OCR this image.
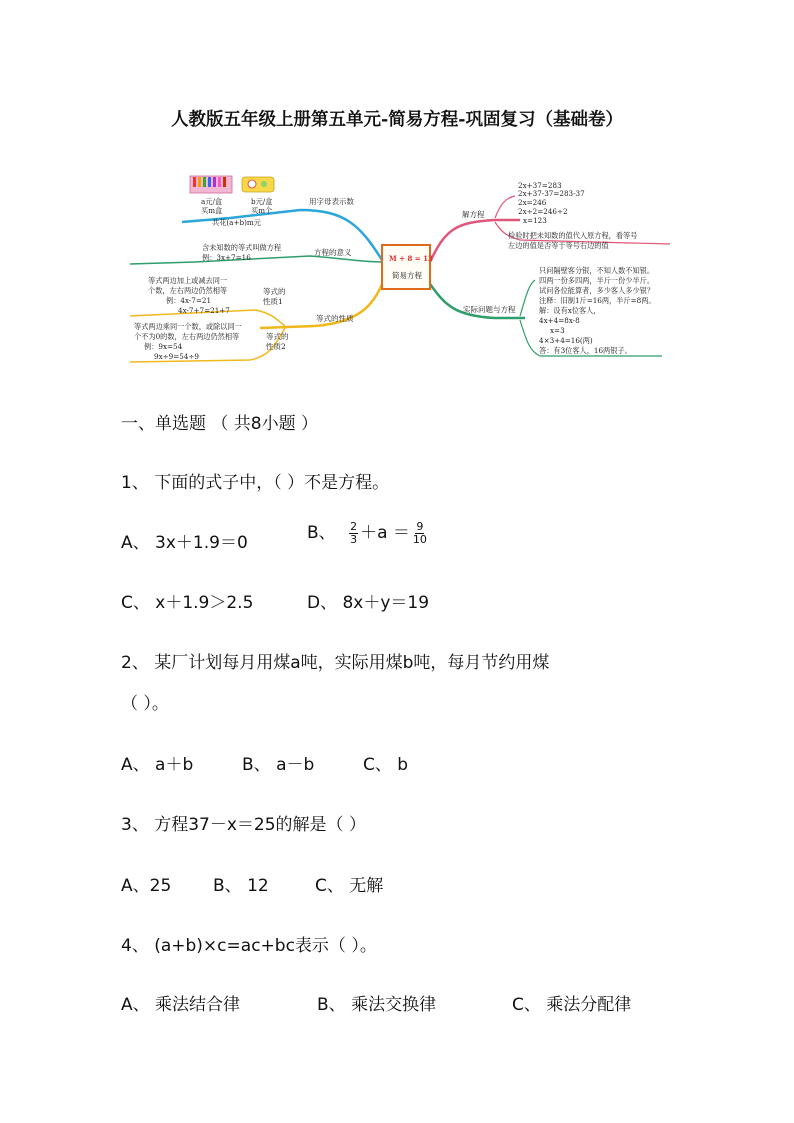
人教版五年级上册第五单元-简易方程-巩固复习（基础卷）
M + 8 = 13
简易方程
a元/盒
买m盒
b元/盒
买m个
共花(a+b)m元
用字母表示数
含未知数的等式叫做方程
例：3x+7=16
方程的意义
等式两边加上或减去同一
个数，左右两边仍然相等
例：4x-7=21
4x-7+7=21+7
等式的
性质1
等式的性质
等式两边乘同一个数，或除以同一
个不为0的数，左右两边仍然相等
例：9x=54
9x÷9=54÷9
等式的
性质2
解方程
2x+37=283
2x+37-37=283-37
2x=246
2x÷2=246÷2
x=123
检验时把未知数的值代入原方程，看等号
左边的值是否等于等号右边的值
实际问题与方程
只问隔壁客分银，不知人数不知银。
四两一份多四两，半斤一份少半斤。
试问各位能算者，多少客人多少银？
注释：旧制1斤=16两，半斤=8两。
解：设有x位客人，
4x+4=8x-8
x=3
4×3+4=16(两)
答：有3位客人，16两银子。
一、单选题 （ 共8小题 ）
1、 下面的式子中，（ ）不是方程。
A、 3x＋1.9＝0	B、 $\frac{2}{3} +a = \frac{9}{10}$
C、 x＋1.9＞2.5	D、 8x＋y＝19
2、 某厂计划每月用煤a吨，实际用煤b吨，每月节约用煤
（ ）。
A、 a＋b	B、 a－b	C、 b
3、 方程37－x＝25的解是（ ）
A、25 B、 12	C、 无解
4、 (a+b)×c=ac+bc表示（ ）。
A、 乘法结合律	B、 乘法交换律	C、 乘法分配律
